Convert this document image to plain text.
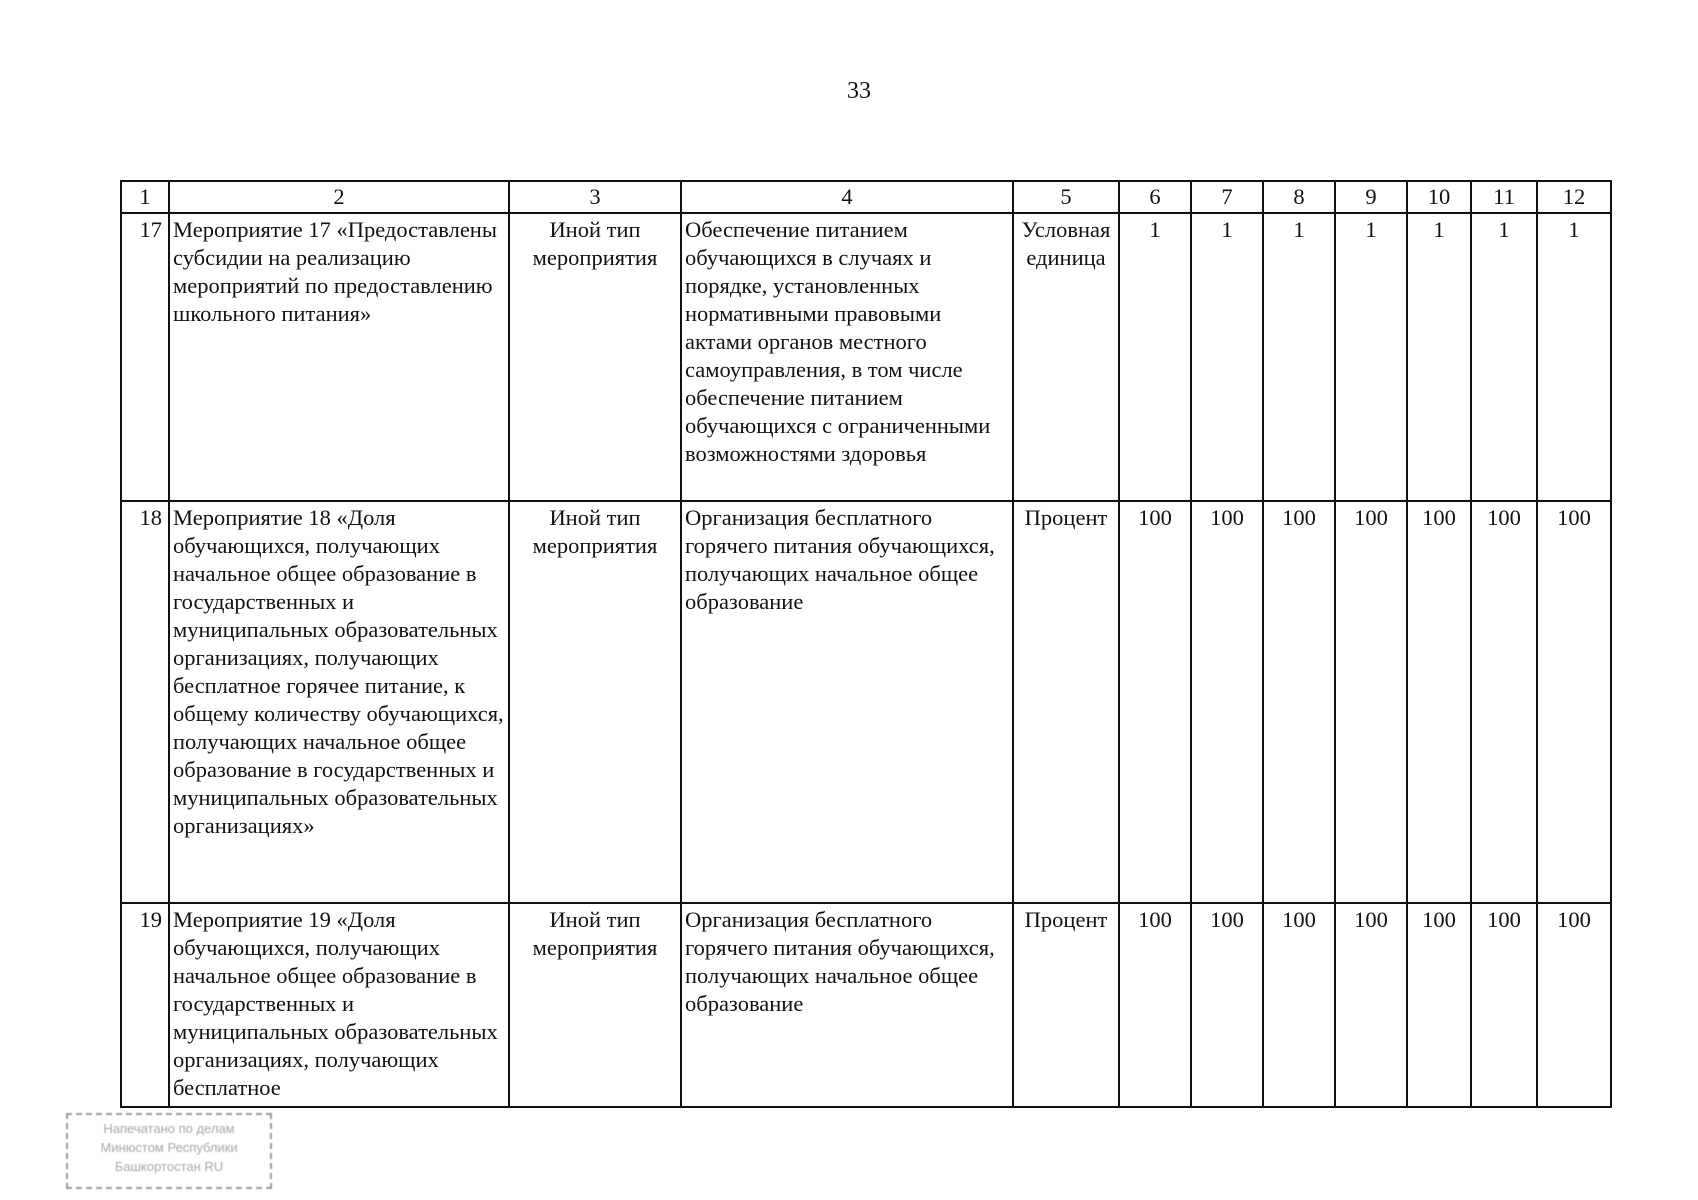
33
1	2	3	4	5	6	7	8	9	10	11	12
17	Мероприятие 17 «Предоставлены субсидии на реализацию мероприятий по предоставлению школьного питания»	Иной тип мероприятия	Обеспечение питанием обучающихся в случаях и порядке, установленных нормативными правовыми актами органов местного самоуправления, в том числе обеспечение питанием обучающихся с ограниченными возможностями здоровья	Условная единица	1	1	1	1	1	1	1
18	Мероприятие 18 «Доля обучающихся, получающих начальное общее образование в государственных и муниципальных образовательных организациях, получающих бесплатное горячее питание, к общему количеству обучающихся, получающих начальное общее образование в государственных и муниципальных образовательных организациях»	Иной тип мероприятия	Организация бесплатного горячего питания обучающихся, получающих начальное общее образование	Процент	100	100	100	100	100	100	100
19	Мероприятие 19 «Доля обучающихся, получающих начальное общее образование в государственных и муниципальных образовательных организациях, получающих бесплатное	Иной тип мероприятия	Организация бесплатного горячего питания обучающихся, получающих начальное общее образование	Процент	100	100	100	100	100	100	100
Напечатано по делам
Минюстом Республики
Башкортостан RU
